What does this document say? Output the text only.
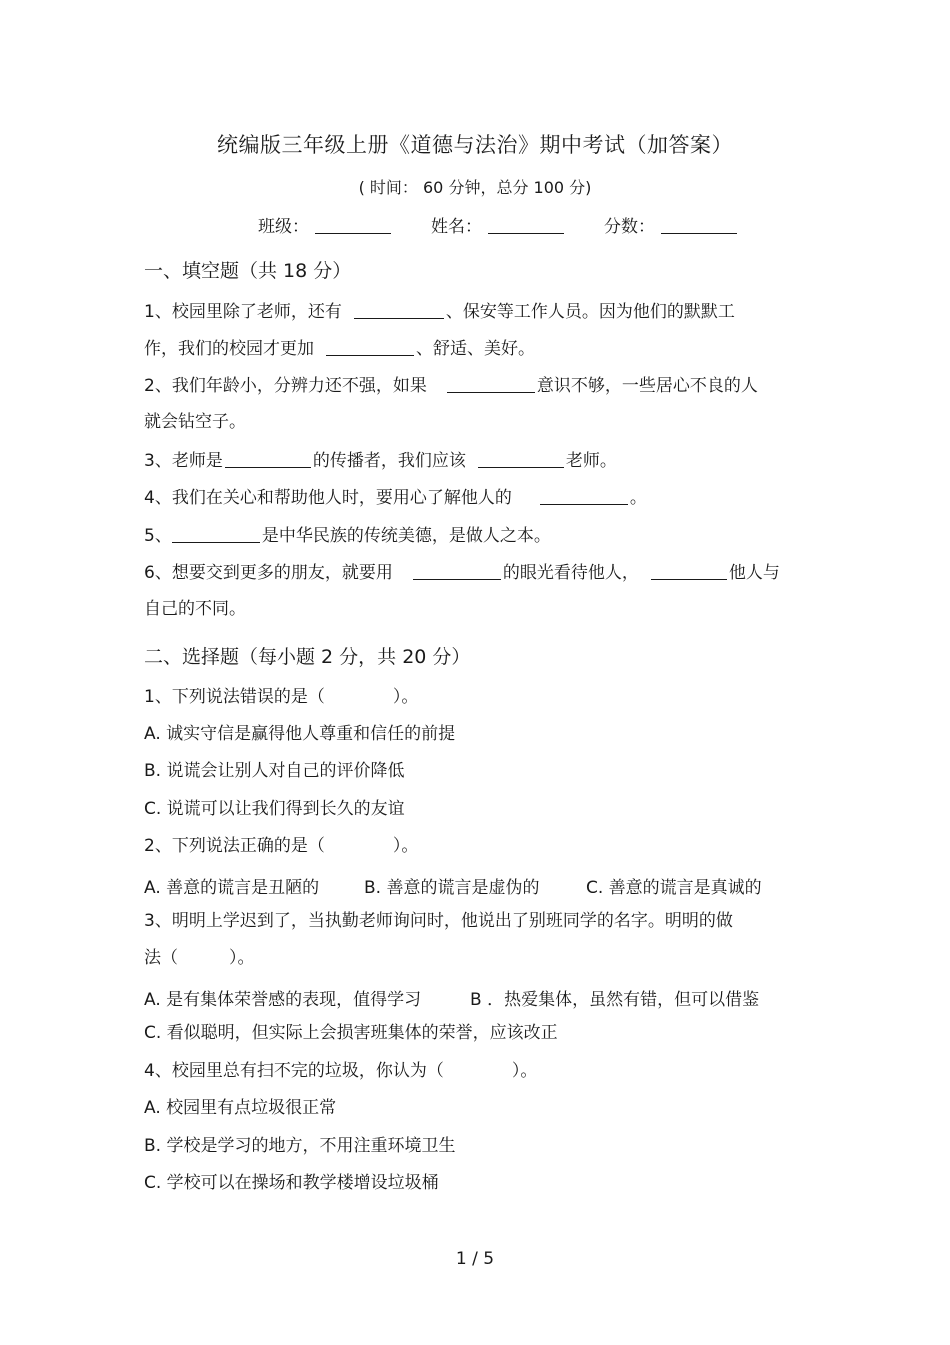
统编版三年级上册《道德与法治》期中考试（加答案）
( 时间： 60 分钟，总分 100 分)
班级：	姓名：	分数：
一、填空题（共 18 分）
1、校园里除了老师，还有	、保安等工作人员。因为他们的默默工
作，我们的校园才更加	、舒适、美好。
2、我们年龄小，分辨力还不强，如果	意识不够，一些居心不良的人
就会钻空子。
3、老师是	的传播者，我们应该	老师。
4、我们在关心和帮助他人时，要用心了解他人的	。
5、	是中华民族的传统美德，是做人之本。
6、想要交到更多的朋友，就要用	的眼光看待他人，	他人与
自己的不同。
二、选择题（每小题 2 分，共 20 分）
1、下列说法错误的是（　　　　）。
A. 诚实守信是赢得他人尊重和信任的前提
B. 说谎会让别人对自己的评价降低
C. 说谎可以让我们得到长久的友谊
2、下列说法正确的是（　　　　）。
A. 善意的谎言是丑陋的	B. 善意的谎言是虚伪的	C. 善意的谎言是真诚的
3、明明上学迟到了，当执勤老师询问时，他说出了别班同学的名字。明明的做
法（　　　）。
A. 是有集体荣誉感的表现，值得学习	B ．热爱集体，虽然有错，但可以借鉴
C. 看似聪明，但实际上会损害班集体的荣誉，应该改正
4、校园里总有扫不完的垃圾，你认为（　　　　）。
A. 校园里有点垃圾很正常
B. 学校是学习的地方，不用注重环境卫生
C. 学校可以在操场和教学楼增设垃圾桶
1 / 5
